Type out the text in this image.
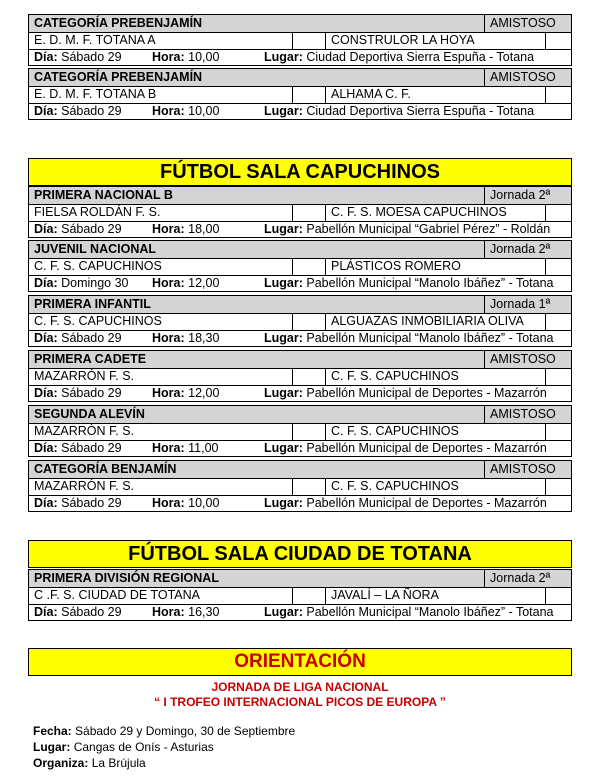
CATEGORÍA PREBENJAMÍN	AMISTOSO
E. D. M. F. TOTANA A	CONSTRULOR LA HOYA
Día: Sábado 29	Hora: 10,00	Lugar: Ciudad Deportiva Sierra Espuña - Totana
CATEGORÍA PREBENJAMÍN	AMISTOSO
E. D. M. F. TOTANA B	ALHAMA C. F.
Día: Sábado 29	Hora: 10,00	Lugar: Ciudad Deportiva Sierra Espuña - Totana
FÚTBOL SALA CAPUCHINOS
PRIMERA NACIONAL B	Jornada 2ª
FIELSA ROLDÁN F. S.	C. F. S. MOESA CAPUCHINOS
Día: Sábado 29	Hora: 18,00	Lugar: Pabellón Municipal “Gabriel Pérez” - Roldán
JUVENIL NACIONAL	Jornada 2ª
C. F. S. CAPUCHINOS	PLÁSTICOS ROMERO
Día: Domingo 30	Hora: 12,00	Lugar: Pabellón Municipal “Manolo Ibáñez” - Totana
PRIMERA INFANTIL	Jornada 1ª
C. F. S. CAPUCHINOS	ALGUAZAS INMOBILIARIA OLIVA
Día: Sábado 29	Hora: 18,30	Lugar: Pabellón Municipal “Manolo Ibáñez” - Totana
PRIMERA CADETE	AMISTOSO
MAZARRÓN F. S.	C. F. S. CAPUCHINOS
Día: Sábado 29	Hora: 12,00	Lugar: Pabellón Municipal de Deportes - Mazarrón
SEGUNDA ALEVÍN	AMISTOSO
MAZARRÓN F. S.	C. F. S. CAPUCHINOS
Día: Sábado 29	Hora: 11,00	Lugar: Pabellón Municipal de Deportes - Mazarrón
CATEGORÍA BENJAMÍN	AMISTOSO
MAZARRÓN F. S.	C. F. S. CAPUCHINOS
Día: Sábado 29	Hora: 10,00	Lugar: Pabellón Municipal de Deportes - Mazarrón
FÚTBOL SALA CIUDAD DE TOTANA
PRIMERA DIVISIÓN REGIONAL	Jornada 2ª
C .F. S. CIUDAD DE TOTANA	JAVALÍ – LA ÑORA
Día: Sábado 29	Hora: 16,30	Lugar: Pabellón Municipal “Manolo Ibáñez” - Totana
ORIENTACIÓN
JORNADA DE LIGA NACIONAL
“ I TROFEO INTERNACIONAL PICOS DE EUROPA ”
Fecha: Sábado 29 y Domingo, 30 de Septiembre
Lugar: Cangas de Onís - Asturias
Organiza: La Brújula
